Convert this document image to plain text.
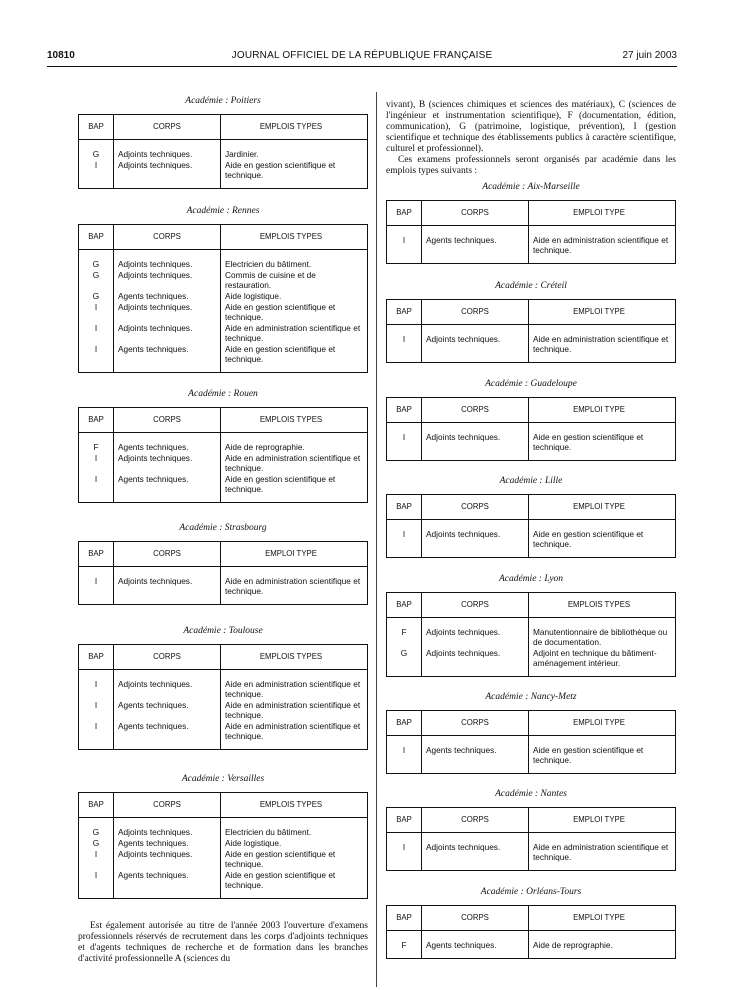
10810	JOURNAL OFFICIEL DE LA RÉPUBLIQUE FRANÇAISE	27 juin 2003
Académie : Poitiers
BAP	CORPS	EMPLOIS TYPES
G	Adjoints techniques.	Jardinier.
I	Adjoints techniques.	Aide en gestion scientifique et technique.
Académie : Rennes
BAP	CORPS	EMPLOIS TYPES
G	Adjoints techniques.	Electricien du bâtiment.
G	Adjoints techniques.	Commis de cuisine et de restauration.
G	Agents techniques.	Aide logistique.
I	Adjoints techniques.	Aide en gestion scientifique et technique.
I	Adjoints techniques.	Aide en administration scientifique et technique.
I	Agents techniques.	Aide en gestion scientifique et technique.
Académie : Rouen
BAP	CORPS	EMPLOIS TYPES
F	Agents techniques.	Aide de reprographie.
I	Adjoints techniques.	Aide en administration scientifique et technique.
I	Agents techniques.	Aide en gestion scientifique et technique.
Académie : Strasbourg
BAP	CORPS	EMPLOI TYPE
I	Adjoints techniques.	Aide en administration scientifique et technique.
Académie : Toulouse
BAP	CORPS	EMPLOIS TYPES
I	Adjoints techniques.	Aide en administration scientifique et technique.
I	Agents techniques.	Aide en administration scientifique et technique.
I	Agents techniques.	Aide en administration scientifique et technique.
Académie : Versailles
BAP	CORPS	EMPLOIS TYPES
G	Adjoints techniques.	Electricien du bâtiment.
G	Agents techniques.	Aide logistique.
I	Adjoints techniques.	Aide en gestion scientifique et technique.
I	Agents techniques.	Aide en gestion scientifique et technique.

Est également autorisée au titre de l'année 2003 l'ouverture d'examens professionnels réservés de recrutement dans les corps d'adjoints techniques et d'agents techniques de recherche et de formation dans les branches d'activité professionnelle A (sciences du

vivant), B (sciences chimiques et sciences des matériaux), C (sciences de l'ingénieur et instrumentation scientifique), F (documentation, édition, communication), G (patrimoine, logistique, prévention), I (gestion scientifique et technique des établissements publics à caractère scientifique, culturel et professionnel).

Ces examens professionnels seront organisés par académie dans les emplois types suivants :

Académie : Aix-Marseille
BAP	CORPS	EMPLOI TYPE
I	Agents techniques.	Aide en administration scientifique et technique.
Académie : Créteil
BAP	CORPS	EMPLOI TYPE
I	Adjoints techniques.	Aide en administration scientifique et technique.
Académie : Guadeloupe
BAP	CORPS	EMPLOI TYPE
I	Adjoints techniques.	Aide en gestion scientifique et technique.
Académie : Lille
BAP	CORPS	EMPLOI TYPE
I	Adjoints techniques.	Aide en gestion scientifique et technique.
Académie : Lyon
BAP	CORPS	EMPLOIS TYPES
F	Adjoints techniques.	Manutentionnaire de bibliothèque ou de documentation.
G	Adjoints techniques.	Adjoint en technique du bâtiment-aménagement intérieur.
Académie : Nancy-Metz
BAP	CORPS	EMPLOI TYPE
I	Agents techniques.	Aide en gestion scientifique et technique.
Académie : Nantes
BAP	CORPS	EMPLOI TYPE
I	Adjoints techniques.	Aide en administration scientifique et technique.
Académie : Orléans-Tours
BAP	CORPS	EMPLOI TYPE
F	Agents techniques.	Aide de reprographie.
